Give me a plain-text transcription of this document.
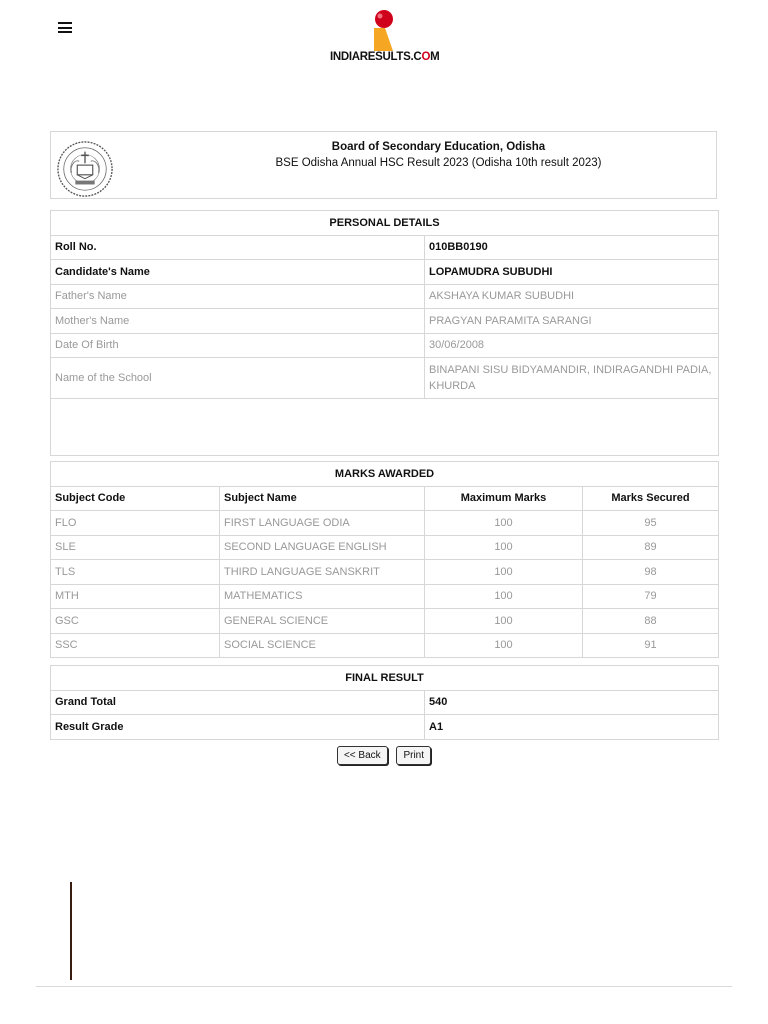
INDIARESULTS.COM
Board of Secondary Education, Odisha
BSE Odisha Annual HSC Result 2023 (Odisha 10th result 2023)
PERSONAL DETAILS	
Roll No.	010BB0190
Candidate's Name	LOPAMUDRA SUBUDHI
Father's Name	AKSHAYA KUMAR SUBUDHI
Mother's Name	PRAGYAN PARAMITA SARANGI
Date Of Birth	30/06/2008
Name of the School	BINAPANI SISU BIDYAMANDIR, INDIRAGANDHI PADIA, KHURDA

MARKS AWARDED			
Subject Code	Subject Name	Maximum Marks	Marks Secured
FLO	FIRST LANGUAGE ODIA	100	95
SLE	SECOND LANGUAGE ENGLISH	100	89
TLS	THIRD LANGUAGE SANSKRIT	100	98
MTH	MATHEMATICS	100	79
GSC	GENERAL SCIENCE	100	88
SSC	SOCIAL SCIENCE	100	91
FINAL RESULT	
Grand Total	540
Result Grade	A1
<< Back Print
